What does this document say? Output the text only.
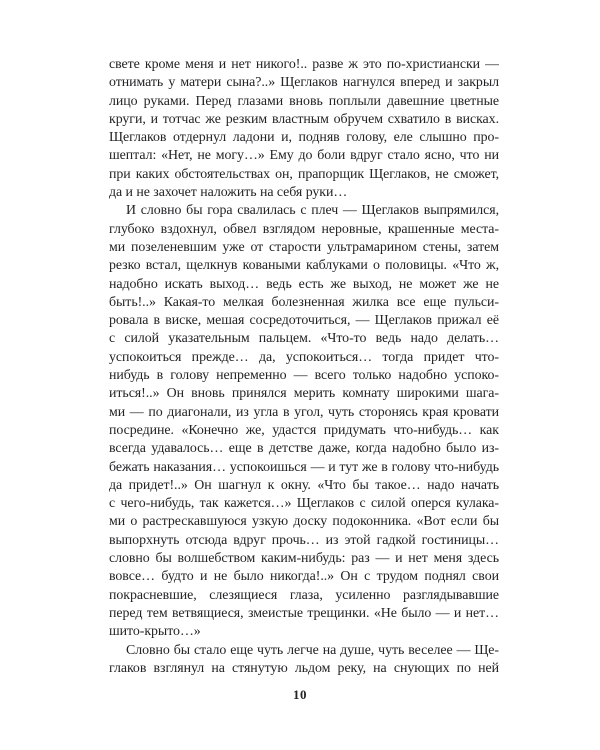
свете кроме меня и нет никого!.. разве ж это по-христиански —
отнимать у матери сына?..» Щеглаков нагнулся вперед и закрыл
лицо руками. Перед глазами вновь поплыли давешние цветные
круги, и тотчас же резким властным обручем схватило в висках.
Щеглаков отдернул ладони и, подняв голову, еле слышно про-
шептал: «Нет, не могу…» Ему до боли вдруг стало ясно, что ни
при каких обстоятельствах он, прапорщик Щеглаков, не сможет,
да и не захочет наложить на себя руки…
И словно бы гора свалилась с плеч — Щеглаков выпрямился,
глубоко вздохнул, обвел взглядом неровные, крашенные места-
ми позеленевшим уже от старости ультрамарином стены, затем
резко встал, щелкнув коваными каблуками о половицы. «Что ж,
надобно искать выход… ведь есть же выход, не может же не
быть!..» Какая-то мелкая болезненная жилка все еще пульси-
ровала в виске, мешая сосредоточиться, — Щеглаков прижал её
с силой указательным пальцем. «Что-то ведь надо делать…
успокоиться прежде… да, успокоиться… тогда придет что-
нибудь в голову непременно — всего только надобно успоко-
иться!..» Он вновь принялся мерить комнату широкими шага-
ми — по диагонали, из угла в угол, чуть сторонясь края кровати
посредине. «Конечно же, удастся придумать что-нибудь… как
всегда удавалось… еще в детстве даже, когда надобно было из-
бежать наказания… успокоишься — и тут же в голову что-нибудь
да придет!..» Он шагнул к окну. «Что бы такое… надо начать
с чего-нибудь, так кажется…» Щеглаков с силой оперся кулака-
ми о растрескавшуюся узкую доску подоконника. «Вот если бы
выпорхнуть отсюда вдруг прочь… из этой гадкой гостиницы…
словно бы волшебством каким-нибудь: раз — и нет меня здесь
вовсе… будто и не было никогда!..» Он с трудом поднял свои
покрасневшие, слезящиеся глаза, усиленно разглядывавшие
перед тем ветвящиеся, змеистые трещинки. «Не было — и нет…
шито-крыто…»
Словно бы стало еще чуть легче на душе, чуть веселее — Ще-
глаков взглянул на стянутую льдом реку, на снующих по ней
10
